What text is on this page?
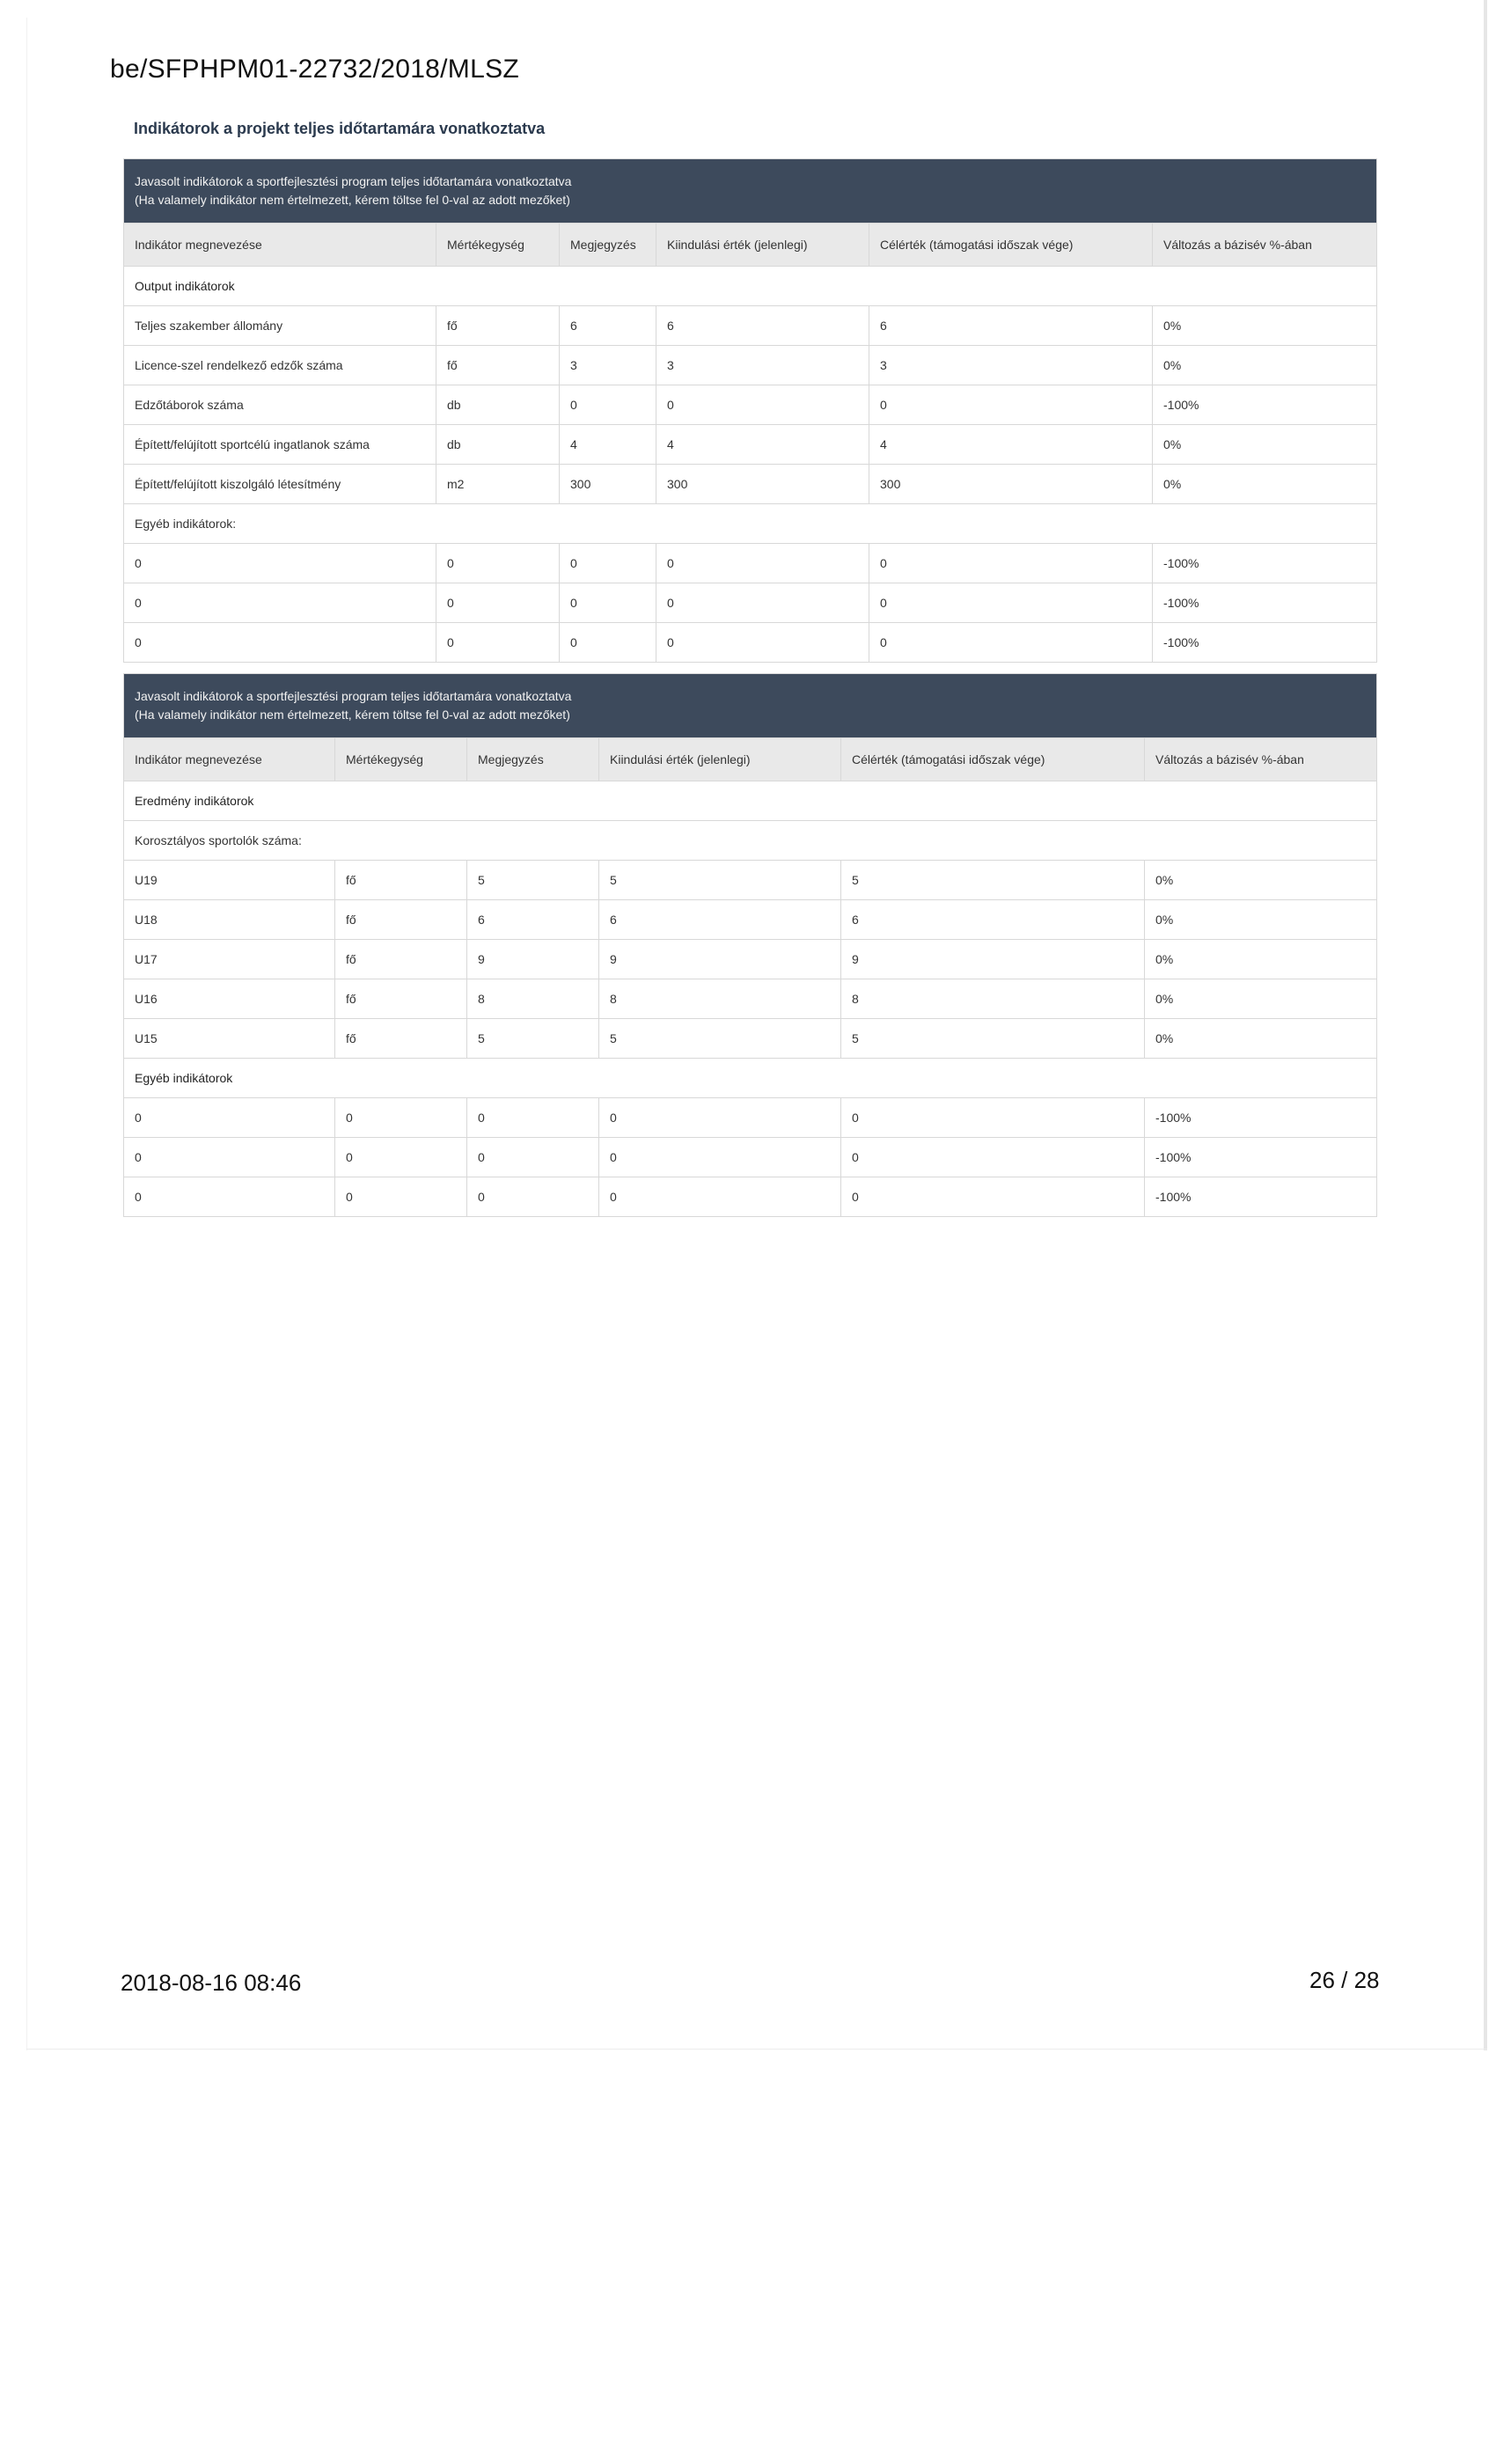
be/SFPHPM01-22732/2018/MLSZ
Indikátorok a projekt teljes időtartamára vonatkoztatva
Javasolt indikátorok a sportfejlesztési program teljes időtartamára vonatkoztatva
(Ha valamely indikátor nem értelmezett, kérem töltse fel 0-val az adott mezőket)					

Indikátor megnevezése	Mértékegység	Megjegyzés	Kiindulási érték (jelenlegi)	Célérték (támogatási időszak vége)	Változás a bázisév %-ában
Output indikátorok					
Teljes szakember állomány	fő	6	6	6	0%
Licence-szel rendelkező edzők száma	fő	3	3	3	0%
Edzőtáborok száma	db	0	0	0	-100%
Épített/felújított sportcélú ingatlanok száma	db	4	4	4	0%
Épített/felújított kiszolgáló létesítmény	m2	300	300	300	0%
Egyéb indikátorok:					
0	0	0	0	0	-100%
0	0	0	0	0	-100%
0	0	0	0	0	-100%
Javasolt indikátorok a sportfejlesztési program teljes időtartamára vonatkoztatva
(Ha valamely indikátor nem értelmezett, kérem töltse fel 0-val az adott mezőket)					

Indikátor megnevezése	Mértékegység	Megjegyzés	Kiindulási érték (jelenlegi)	Célérték (támogatási időszak vége)	Változás a bázisév %-ában
Eredmény indikátorok					
Korosztályos sportolók száma:					
U19	fő	5	5	5	0%
U18	fő	6	6	6	0%
U17	fő	9	9	9	0%
U16	fő	8	8	8	0%
U15	fő	5	5	5	0%
Egyéb indikátorok					
0	0	0	0	0	-100%
0	0	0	0	0	-100%
0	0	0	0	0	-100%
2018-08-16 08:46	26 / 28
